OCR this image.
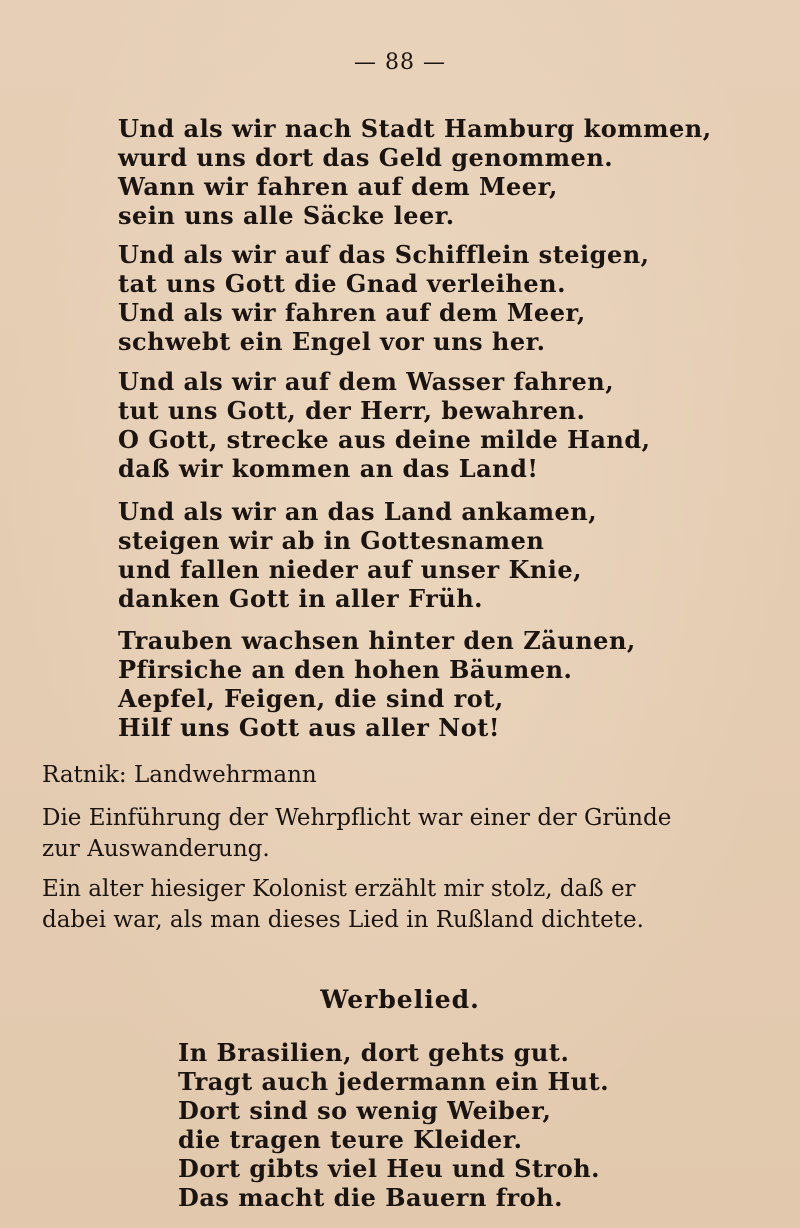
— 88 —
Und als wir nach Stadt Hamburg kommen,
wurd uns dort das Geld genommen.
Wann wir fahren auf dem Meer,
sein uns alle Säcke leer.
Und als wir auf das Schifflein steigen,
tat uns Gott die Gnad verleihen.
Und als wir fahren auf dem Meer,
schwebt ein Engel vor uns her.
Und als wir auf dem Wasser fahren,
tut uns Gott, der Herr, bewahren.
O Gott, strecke aus deine milde Hand,
daß wir kommen an das Land!
Und als wir an das Land ankamen,
steigen wir ab in Gottesnamen
und fallen nieder auf unser Knie,
danken Gott in aller Früh.
Trauben wachsen hinter den Zäunen,
Pfirsiche an den hohen Bäumen.
Aepfel, Feigen, die sind rot,
Hilf uns Gott aus aller Not!
Ratnik: Landwehrmann
Die Einführung der Wehrpflicht war einer der Gründe
zur Auswanderung.
Ein alter hiesiger Kolonist erzählt mir stolz, daß er
dabei war, als man dieses Lied in Rußland dichtete.
Werbelied.
In Brasilien, dort gehts gut.
Tragt auch jedermann ein Hut.
Dort sind so wenig Weiber,
die tragen teure Kleider.
Dort gibts viel Heu und Stroh.
Das macht die Bauern froh.
